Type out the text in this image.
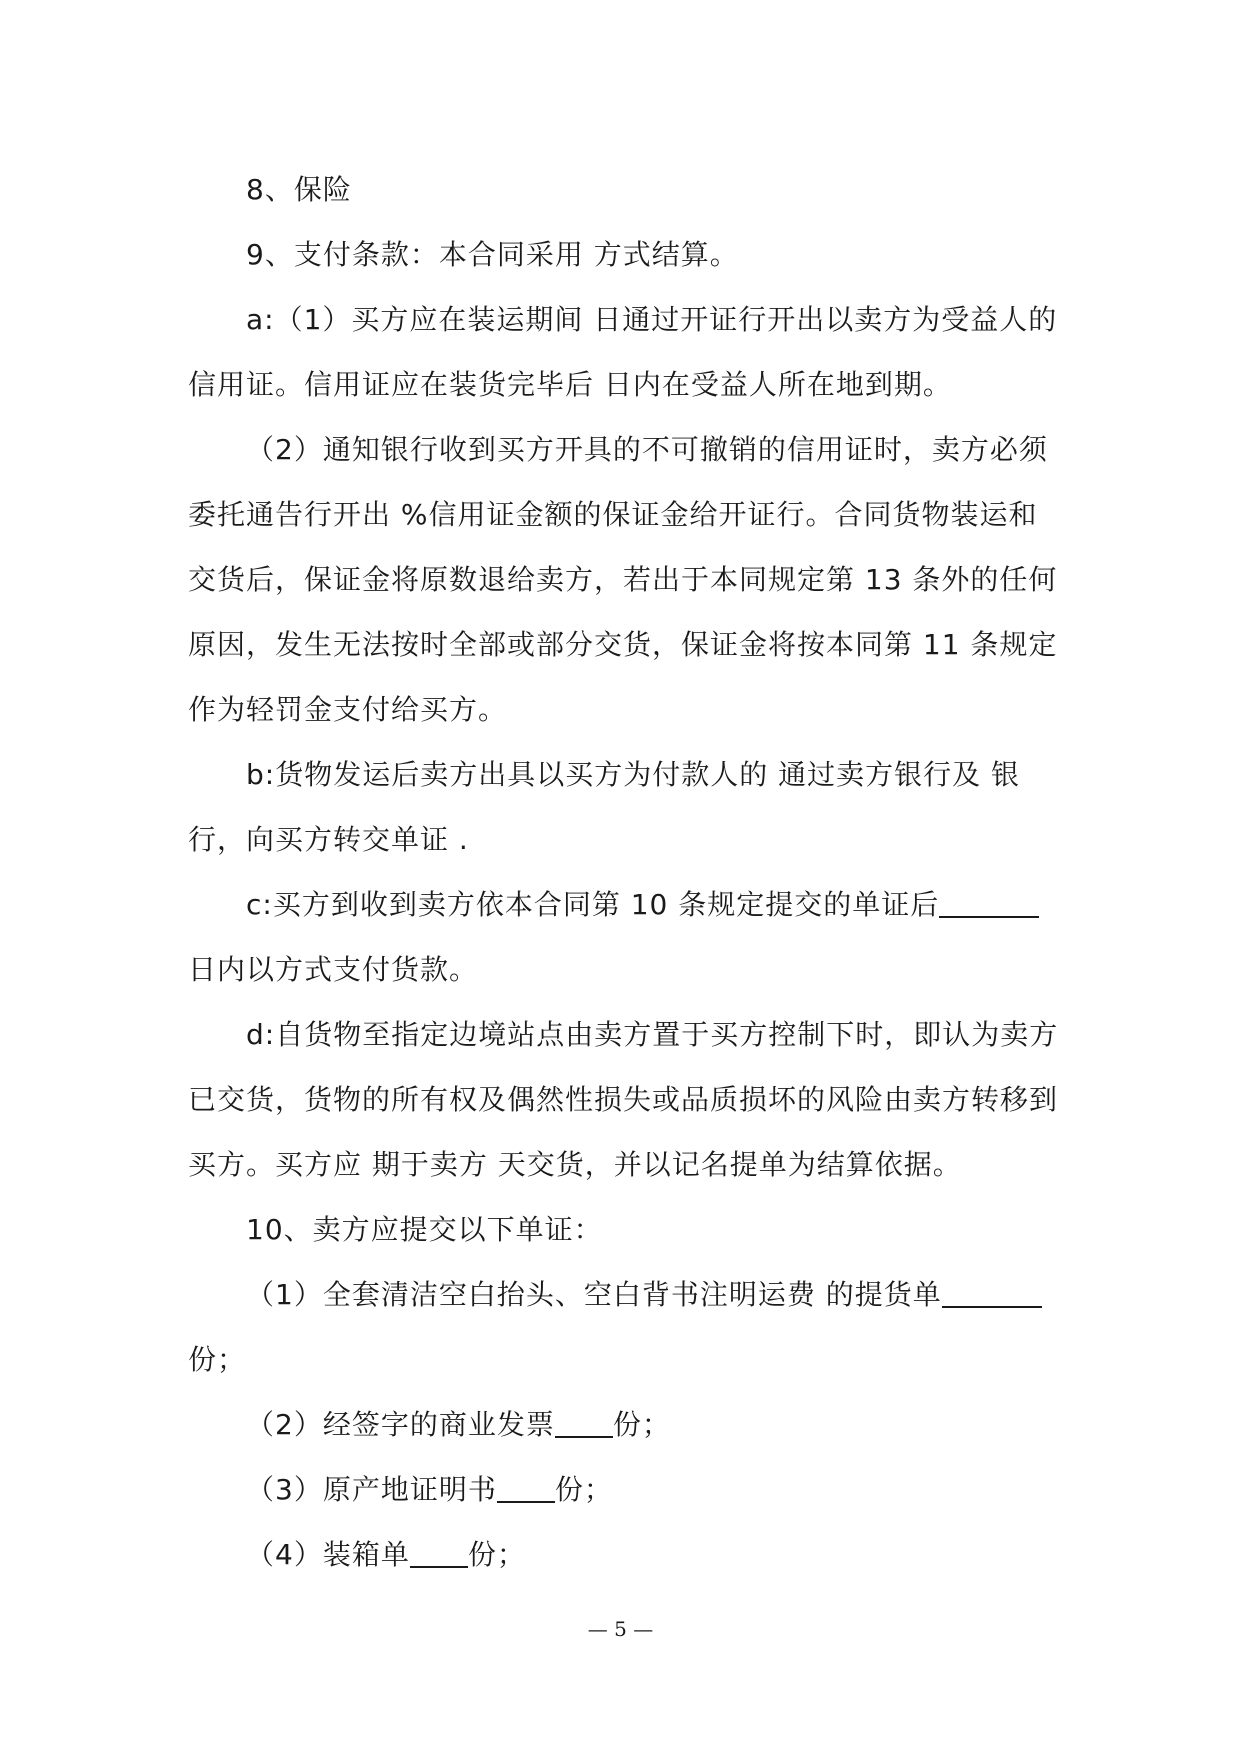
8、保险

9、支付条款：本合同采用 方式结算。

a:（1）买方应在装运期间 日通过开证行开出以卖方为受益人的信用证。信用证应在装货完毕后 日内在受益人所在地到期。

（2）通知银行收到买方开具的不可撤销的信用证时，卖方必须委托通告行开出 %信用证金额的保证金给开证行。合同货物装运和交货后，保证金将原数退给卖方，若出于本同规定第 13 条外的任何原因，发生无法按时全部或部分交货，保证金将按本同第 11 条规定作为轻罚金支付给买方。

b:货物发运后卖方出具以买方为付款人的 通过卖方银行及 银行，向买方转交单证 .

c:买方到收到卖方依本合同第 10 条规定提交的单证后日内以方式支付货款。

d:自货物至指定边境站点由卖方置于买方控制下时，即认为卖方已交货，货物的所有权及偶然性损失或品质损坏的风险由卖方转移到买方。买方应 期于卖方 天交货，并以记名提单为结算依据。

10、卖方应提交以下单证：

（1）全套清洁空白抬头、空白背书注明运费 的提货单份；

（2）经签字的商业发票 份；

（3）原产地证明书 份；

（4）装箱单 份；

— 5 —
